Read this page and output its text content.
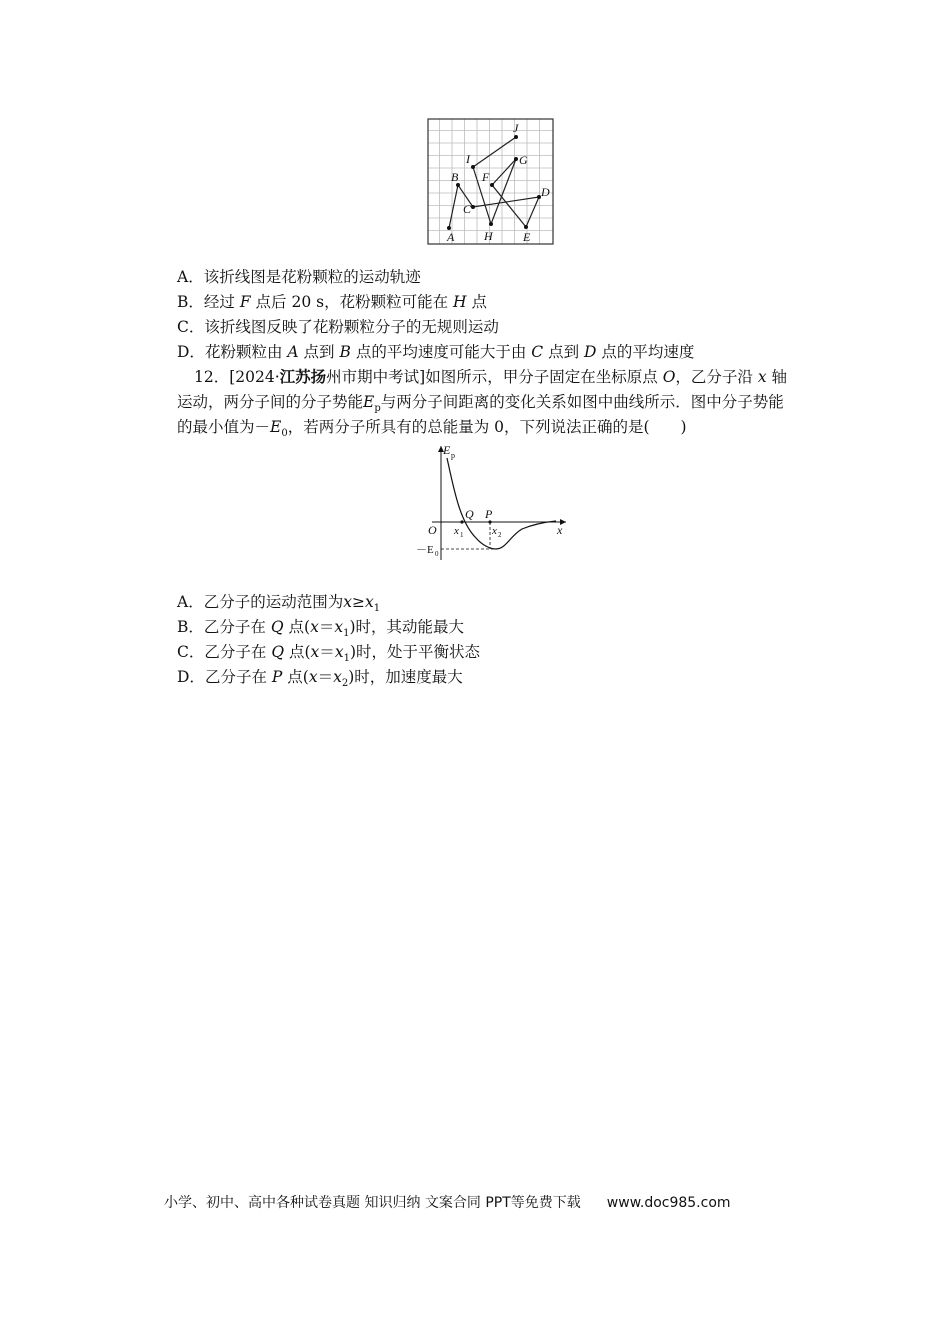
A
B
C
D
E
F
G
H
I
J
A．该折线图是花粉颗粒的运动轨迹
B．经过 F 点后 20 s，花粉颗粒可能在 H 点
C．该折线图反映了花粉颗粒分子的无规则运动
D．花粉颗粒由 A 点到 B 点的平均速度可能大于由 C 点到 D 点的平均速度
12．[2024·江苏扬州市期中考试]如图所示，甲分子固定在坐标原点 O，乙分子沿 x 轴
运动，两分子间的分子势能$E_p$与两分子间距离的变化关系如图中曲线所示．图中分子势能
的最小值为$-E_0$，若两分子所具有的总能量为 0，下列说法正确的是(　　)
E p
x
O
Q P
x 1	x 2
－E 0
A．乙分子的运动范围为$x\ge x_1$
B．乙分子在 Q 点$(x=x_1)$时，其动能最大
C．乙分子在 Q 点$(x=x_1)$时，处于平衡状态
D．乙分子在 P 点$(x=x_2)$时，加速度最大
小学、初中、高中各种试卷真题 知识归纳 文案合同 PPT等免费下载 www.doc985.com
